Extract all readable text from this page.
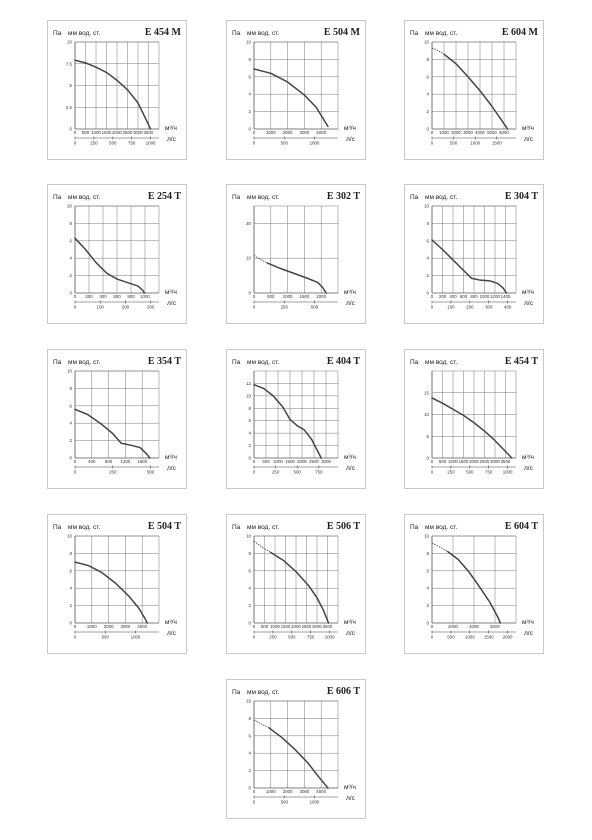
Па мм вод. ст.	E 454 M
0
2.5
5
7.5
10
0 500 1000 1500 2000 2500 3000 3500
0	250	500	750 1000
м³/ч
л/с
Па мм вод. ст.	E 504 M
0
2
4
6
8
10
0 1000 2000 3000 4000
0	500	1000
м³/ч
л/с
Па мм вод. ст.	E 604 M
0
2
4
6
8
10
0 1000 2000 3000 4000 5000 6000
0	500	1000	1500
м³/ч
л/с
Па мм вод. ст.	E 254 T
0
2
4
6
8
10
0 200 400 600 800 1000
0	100	200	300
м³/ч
л/с
Па мм вод. ст.	E 302 T
0
10
20
0	500 1000 1500 2000
0	250	500
м³/ч
л/с
Па мм вод. ст.	E 304 T
0
2
4
6
8
10
0 200 400 600 800 1000 1200 1400
0	100	200	300	400
м³/ч
л/с
Па мм вод. ст.	E 354 T
0
2
4
6
8
10
0	400 800 1200 1600
0	250	500
м³/ч
л/с
Па мм вод. ст.	E 404 T
0
2
4
6
8
10
12
0 500 1000 1500 2000 2500 3000
0	250	500	750
м³/ч
л/с
Па мм вод. ст.	E 454 T
0
5
10
15
0 500 1000 1500 2000 2500 3000 3500
0	250	500	750 1000
м³/ч
л/с
Па мм вод. ст.	E 504 T
0
2
4
6
8
10
0 1000 2000 3000 4000
0	500	1000
м³/ч
л/с
Па мм вод. ст.	E 506 T
0
2
4
6
8
10
0 500 1000 1500 2000 2500 3000 3500
0	250	500	750 1000
м³/ч
л/с
Па мм вод. ст.	E 604 T
0
2
4
6
8
10
0	2000	4000	6000
0	500 1000 1500 2000
м³/ч
л/с
Па мм вод. ст.	E 606 T
0
2
4
6
8
10
0 1000 2000 3000 4000
0	500	1000
м³/ч
л/с
